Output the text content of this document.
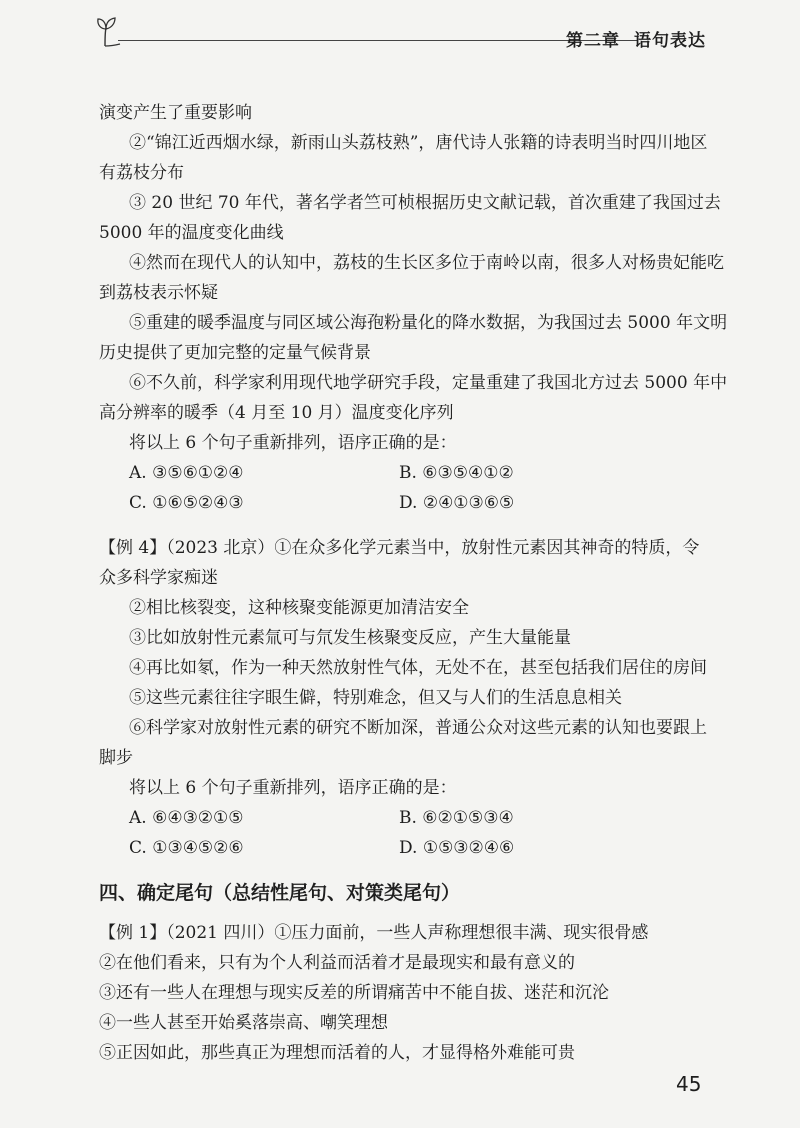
第二章 语句表达
演变产生了重要影响
②“锦江近西烟水绿，新雨山头荔枝熟”，唐代诗人张籍的诗表明当时四川地区
有荔枝分布
③ 20 世纪 70 年代，著名学者竺可桢根据历史文献记载，首次重建了我国过去
5000 年的温度变化曲线
④然而在现代人的认知中，荔枝的生长区多位于南岭以南，很多人对杨贵妃能吃
到荔枝表示怀疑
⑤重建的暖季温度与同区域公海孢粉量化的降水数据，为我国过去 5000 年文明
历史提供了更加完整的定量气候背景
⑥不久前，科学家利用现代地学研究手段，定量重建了我国北方过去 5000 年中
高分辨率的暖季（4 月至 10 月）温度变化序列
将以上 6 个句子重新排列，语序正确的是：
A. ③⑤⑥①②④	B. ⑥③⑤④①②
C. ①⑥⑤②④③	D. ②④①③⑥⑤
【例 4】（2023 北京）①在众多化学元素当中，放射性元素因其神奇的特质，令
众多科学家痴迷
②相比核裂变，这种核聚变能源更加清洁安全
③比如放射性元素氚可与氘发生核聚变反应，产生大量能量
④再比如氡，作为一种天然放射性气体，无处不在，甚至包括我们居住的房间
⑤这些元素往往字眼生僻，特别难念，但又与人们的生活息息相关
⑥科学家对放射性元素的研究不断加深，普通公众对这些元素的认知也要跟上
脚步
将以上 6 个句子重新排列，语序正确的是：
A. ⑥④③②①⑤	B. ⑥②①⑤③④
C. ①③④⑤②⑥	D. ①⑤③②④⑥
四、确定尾句（总结性尾句、对策类尾句）
【例 1】（2021 四川）①压力面前，一些人声称理想很丰满、现实很骨感
②在他们看来，只有为个人利益而活着才是最现实和最有意义的
③还有一些人在理想与现实反差的所谓痛苦中不能自拔、迷茫和沉沦
④一些人甚至开始奚落崇高、嘲笑理想
⑤正因如此，那些真正为理想而活着的人，才显得格外难能可贵
45
